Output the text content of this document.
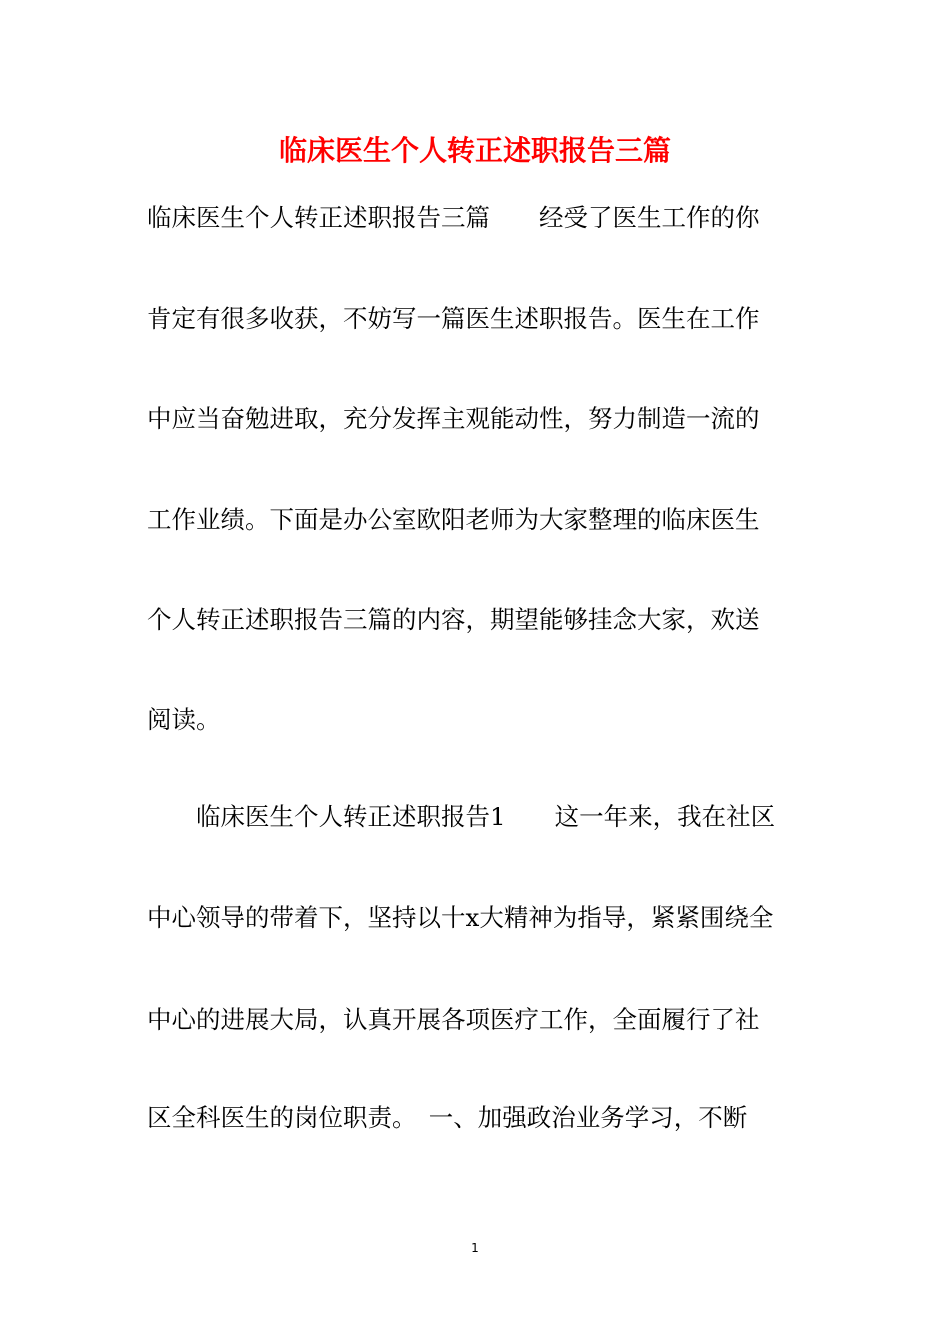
临床医生个人转正述职报告三篇
临床医生个人转正述职报告三篇　　经受了医生工作的你
肯定有很多收获，不妨写一篇医生述职报告。医生在工作
中应当奋勉进取，充分发挥主观能动性，努力制造一流的
工作业绩。下面是办公室欧阳老师为大家整理的临床医生
个人转正述职报告三篇的内容，期望能够挂念大家，欢送
阅读。
　　临床医生个人转正述职报告1　　这一年来，我在社区
中心领导的带着下，坚持以十x大精神为指导，紧紧围绕全
中心的进展大局，认真开展各项医疗工作，全面履行了社
区全科医生的岗位职责。　一、加强政治业务学习，不断
1
